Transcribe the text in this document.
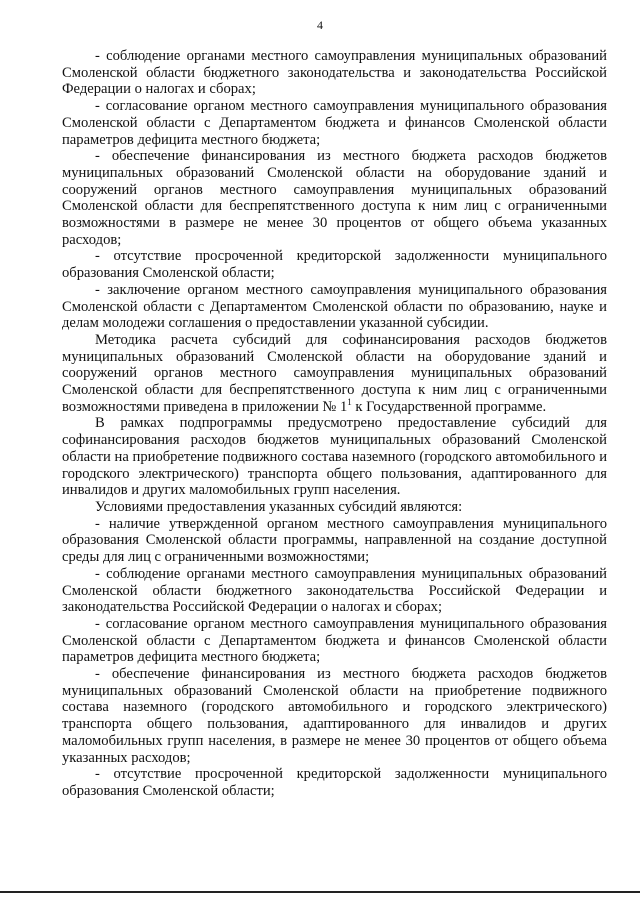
4

- соблюдение органами местного самоуправления муниципальных образований Смоленской области бюджетного законодательства и законодательства Российской Федерации о налогах и сборах;

- согласование органом местного самоуправления муниципального образования Смоленской области с Департаментом бюджета и финансов Смоленской области параметров дефицита местного бюджета;

- обеспечение финансирования из местного бюджета расходов бюджетов муниципальных образований Смоленской области на оборудование зданий и сооружений органов местного самоуправления муниципальных образований Смоленской области для беспрепятственного доступа к ним лиц с ограниченными возможностями в размере не менее 30 процентов от общего объема указанных расходов;

- отсутствие просроченной кредиторской задолженности муниципального образования Смоленской области;

- заключение органом местного самоуправления муниципального образования Смоленской области с Департаментом Смоленской области по образованию, науке и делам молодежи соглашения о предоставлении указанной субсидии.

Методика расчета субсидий для софинансирования расходов бюджетов муниципальных образований Смоленской области на оборудование зданий и сооружений органов местного самоуправления муниципальных образований Смоленской области для беспрепятственного доступа к ним лиц с ограниченными возможностями приведена в приложении № $1^1$ к Государственной программе.

В рамках подпрограммы предусмотрено предоставление субсидий для софинансирования расходов бюджетов муниципальных образований Смоленской области на приобретение подвижного состава наземного (городского автомобильного и городского электрического) транспорта общего пользования, адаптированного для инвалидов и других маломобильных групп населения.

Условиями предоставления указанных субсидий являются:

- наличие утвержденной органом местного самоуправления муниципального образования Смоленской области программы, направленной на создание доступной среды для лиц с ограниченными возможностями;

- соблюдение органами местного самоуправления муниципальных образований Смоленской области бюджетного законодательства Российской Федерации и законодательства Российской Федерации о налогах и сборах;

- согласование органом местного самоуправления муниципального образования Смоленской области с Департаментом бюджета и финансов Смоленской области параметров дефицита местного бюджета;

- обеспечение финансирования из местного бюджета расходов бюджетов муниципальных образований Смоленской области на приобретение подвижного состава наземного (городского автомобильного и городского электрического) транспорта общего пользования, адаптированного для инвалидов и других маломобильных групп населения, в размере не менее 30 процентов от общего объема указанных расходов;

- отсутствие просроченной кредиторской задолженности муниципального образования Смоленской области;
